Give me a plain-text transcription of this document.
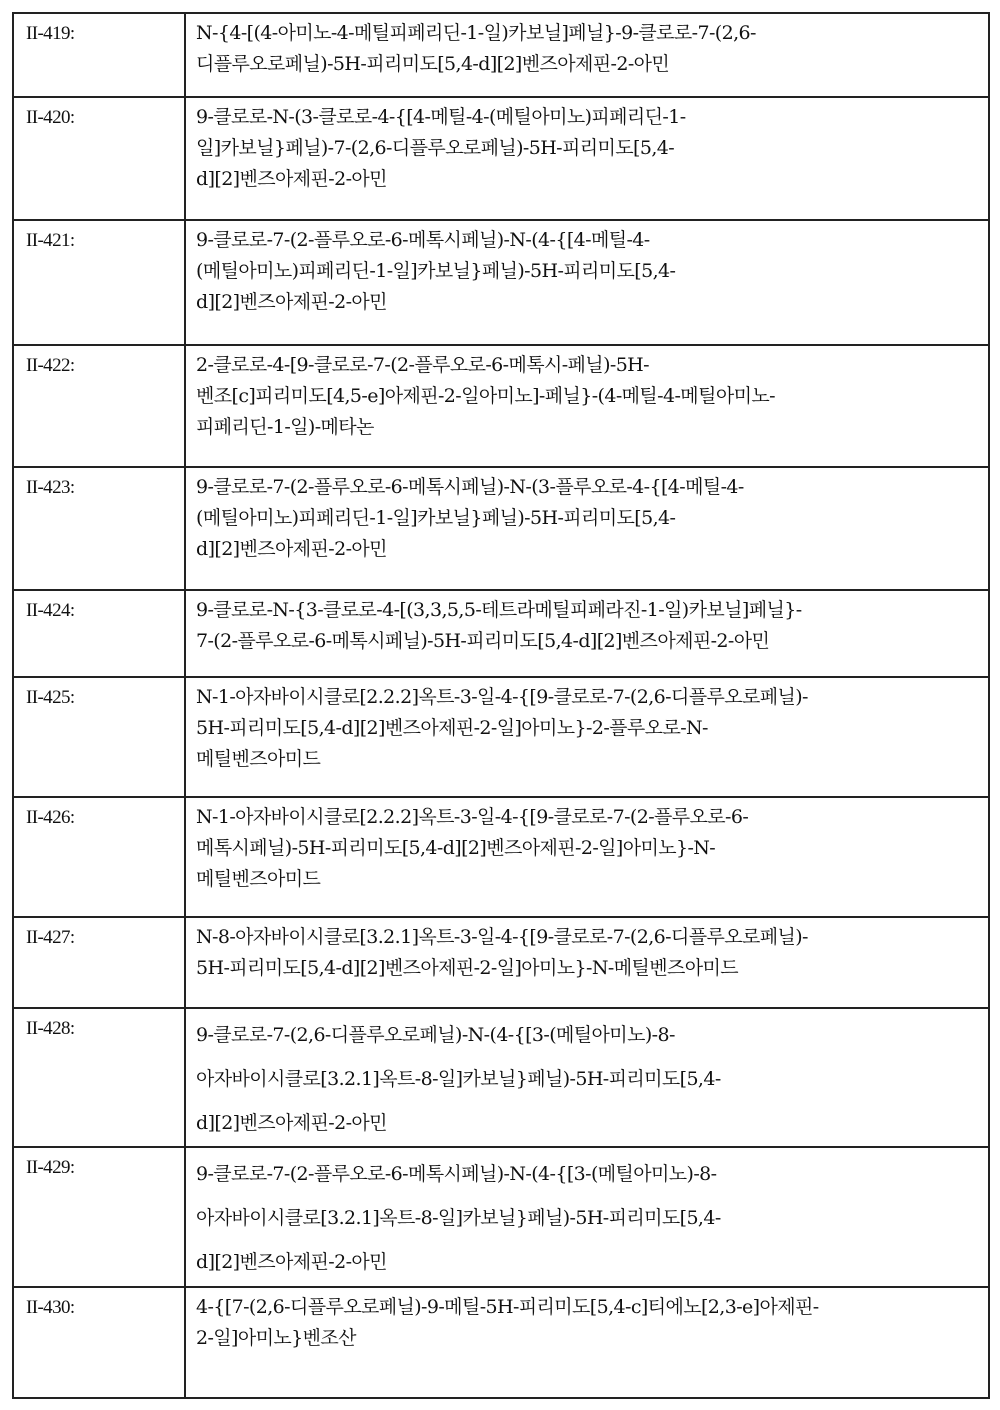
II-419:	N-{4-[(4-아미노-4-메틸피페리딘-1-일)카보닐]페닐}-9-클로로-7-(2,6-
디플루오로페닐)-5H-피리미도[5,4-d][2]벤즈아제핀-2-아민

II-420:	9-클로로-N-(3-클로로-4-{[4-메틸-4-(메틸아미노)피페리딘-1-
일]카보닐}페닐)-7-(2,6-디플루오로페닐)-5H-피리미도[5,4-
d][2]벤즈아제핀-2-아민

II-421:	9-클로로-7-(2-플루오로-6-메톡시페닐)-N-(4-{[4-메틸-4-
(메틸아미노)피페리딘-1-일]카보닐}페닐)-5H-피리미도[5,4-
d][2]벤즈아제핀-2-아민

II-422:	2-클로로-4-[9-클로로-7-(2-플루오로-6-메톡시-페닐)-5H-
벤조[c]피리미도[4,5-e]아제핀-2-일아미노]-페닐}-(4-메틸-4-메틸아미노-
피페리딘-1-일)-메타논

II-423:	9-클로로-7-(2-플루오로-6-메톡시페닐)-N-(3-플루오로-4-{[4-메틸-4-
(메틸아미노)피페리딘-1-일]카보닐}페닐)-5H-피리미도[5,4-
d][2]벤즈아제핀-2-아민

II-424:	9-클로로-N-{3-클로로-4-[(3,3,5,5-테트라메틸피페라진-1-일)카보닐]페닐}-
7-(2-플루오로-6-메톡시페닐)-5H-피리미도[5,4-d][2]벤즈아제핀-2-아민

II-425:	N-1-아자바이시클로[2.2.2]옥트-3-일-4-{[9-클로로-7-(2,6-디플루오로페닐)-
5H-피리미도[5,4-d][2]벤즈아제핀-2-일]아미노}-2-플루오로-N-
메틸벤즈아미드

II-426:	N-1-아자바이시클로[2.2.2]옥트-3-일-4-{[9-클로로-7-(2-플루오로-6-
메톡시페닐)-5H-피리미도[5,4-d][2]벤즈아제핀-2-일]아미노}-N-
메틸벤즈아미드

II-427:	N-8-아자바이시클로[3.2.1]옥트-3-일-4-{[9-클로로-7-(2,6-디플루오로페닐)-
5H-피리미도[5,4-d][2]벤즈아제핀-2-일]아미노}-N-메틸벤즈아미드

II-428:	9-클로로-7-(2,6-디플루오로페닐)-N-(4-{[3-(메틸아미노)-8-
아자바이시클로[3.2.1]옥트-8-일]카보닐}페닐)-5H-피리미도[5,4-
d][2]벤즈아제핀-2-아민

II-429:	9-클로로-7-(2-플루오로-6-메톡시페닐)-N-(4-{[3-(메틸아미노)-8-
아자바이시클로[3.2.1]옥트-8-일]카보닐}페닐)-5H-피리미도[5,4-
d][2]벤즈아제핀-2-아민

II-430:	4-{[7-(2,6-디플루오로페닐)-9-메틸-5H-피리미도[5,4-c]티에노[2,3-e]아제핀-
2-일]아미노}벤조산
